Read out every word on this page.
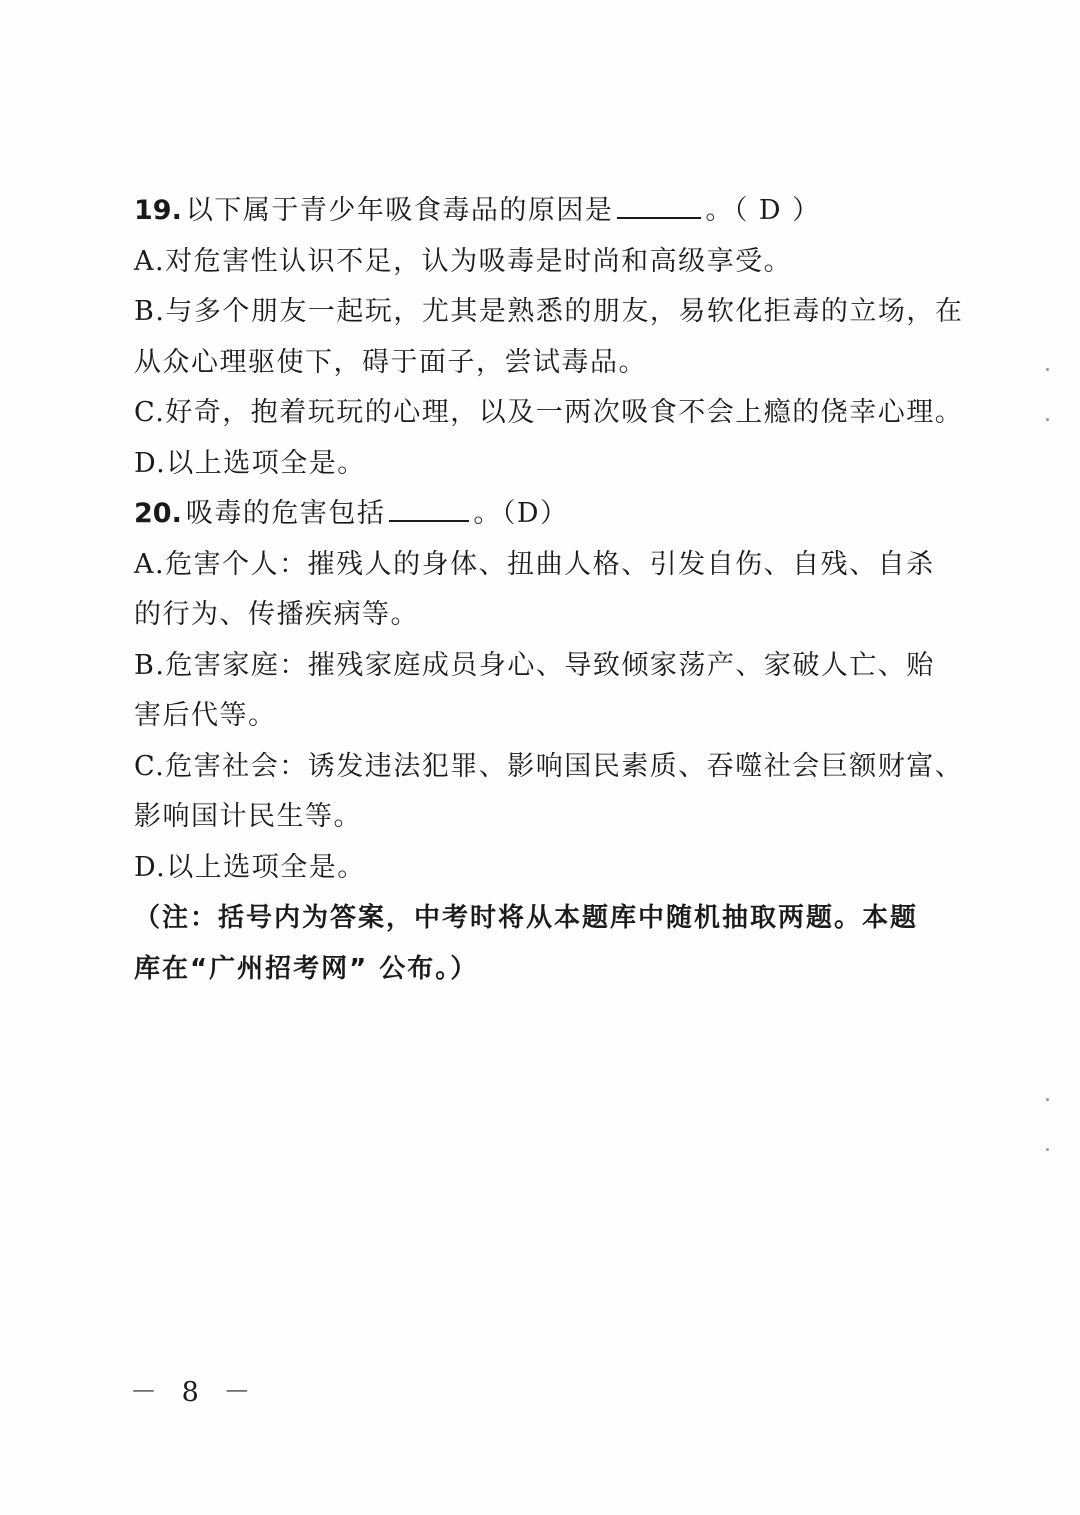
19. 以下属于青少年吸食毒品的原因是	。（ D ）
A.对危害性认识不足，认为吸毒是时尚和高级享受。
B.与多个朋友一起玩，尤其是熟悉的朋友，易软化拒毒的立场，在
从众心理驱使下，碍于面子，尝试毒品。
C.好奇，抱着玩玩的心理，以及一两次吸食不会上瘾的侥幸心理。
D.以上选项全是。
20. 吸毒的危害包括	。（D）
A.危害个人：摧残人的身体、扭曲人格、引发自伤、自残、自杀
的行为、传播疾病等。
B.危害家庭：摧残家庭成员身心、导致倾家荡产、家破人亡、贻
害后代等。
C.危害社会：诱发违法犯罪、影响国民素质、吞噬社会巨额财富、
影响国计民生等。
D.以上选项全是。
（注：括号内为答案，中考时将从本题库中随机抽取两题。本题
库在“广州招考网” 公布。）
－ 8 －
